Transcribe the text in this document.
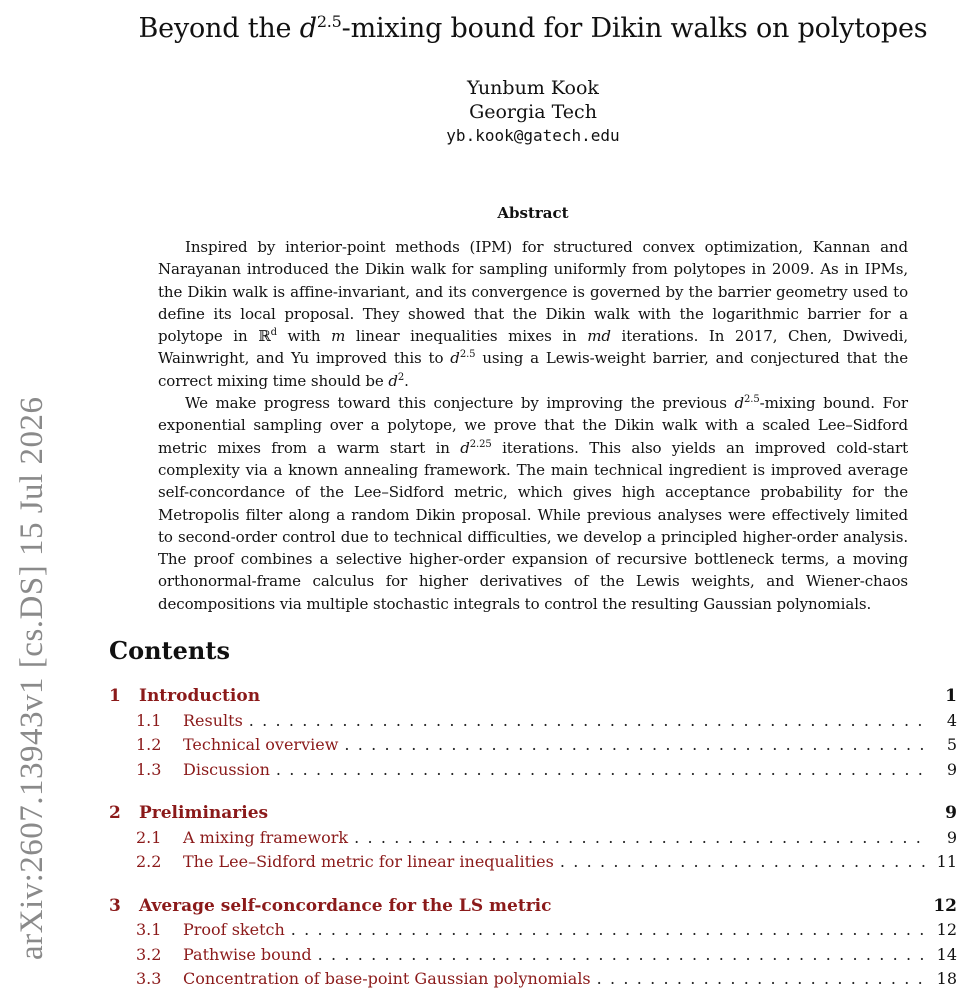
arXiv:2607.13943v1 [cs.DS] 15 Jul 2026
Beyond the $d^{2.5}$-mixing bound for Dikin walks on polytopes
Yunbum Kook
Georgia Tech
yb.kook@gatech.edu
Abstract

Inspired by interior-point methods (IPM) for structured convex optimization, Kannan and Narayanan introduced the Dikin walk for sampling uniformly from polytopes in 2009. As in IPMs, the Dikin walk is affine-invariant, and its convergence is governed by the barrier geometry used to define its local proposal. They showed that the Dikin walk with the logarithmic barrier for a polytope in ℝ$^d$ with m linear inequalities mixes in md iterations. In 2017, Chen, Dwivedi, Wainwright, and Yu improved this to $d^{2.5}$ using a Lewis-weight barrier, and conjectured that the correct mixing time should be $d^2$.

We make progress toward this conjecture by improving the previous $d^{2.5}$-mixing bound. For exponential sampling over a polytope, we prove that the Dikin walk with a scaled Lee–Sidford metric mixes from a warm start in $d^{2.25}$ iterations. This also yields an improved cold-start complexity via a known annealing framework. The main technical ingredient is improved average self-concordance of the Lee–Sidford metric, which gives high acceptance probability for the Metropolis filter along a random Dikin proposal. While previous analyses were effectively limited to second-order control due to technical difficulties, we develop a principled higher-order analysis. The proof combines a selective higher-order expansion of recursive bottleneck terms, a moving orthonormal-frame calculus for higher derivatives of the Lewis weights, and Wiener-chaos decompositions via multiple stochastic integrals to control the resulting Gaussian polynomials.

Contents
1	Introduction	1
1.1	Results . . .	4
1.2	Technical overview . . .	5
1.3	Discussion . . .	9
2	Preliminaries	9
2.1	A mixing framework . . .	9
2.2	The Lee–Sidford metric for linear inequalities . . .	11
3	Average self-concordance for the LS metric	12
3.1	Proof sketch . . .	12
3.2	Pathwise bound . . .	14
3.3	Concentration of base-point Gaussian polynomials . . .	18
